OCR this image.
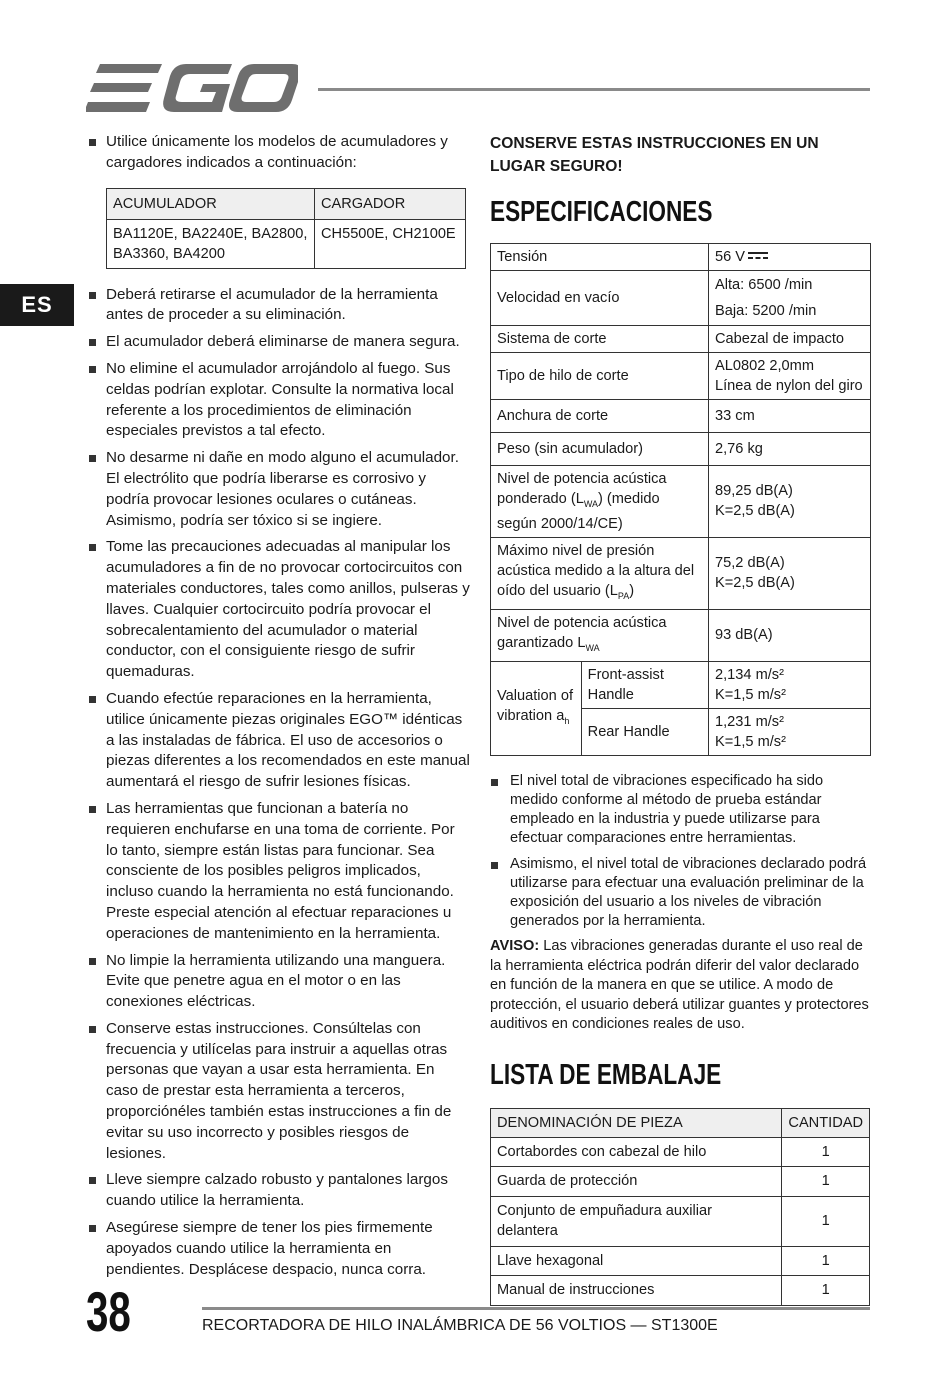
ES
Utilice únicamente los modelos de acumuladores y cargadores indicados a continuación:
ACUMULADOR	CARGADOR
BA1120E, BA2240E, BA2800, BA3360, BA4200	CH5500E, CH2100E
Deberá retirarse el acumulador de la herramienta antes de proceder a su eliminación.
El acumulador deberá eliminarse de manera segura.
No elimine el acumulador arrojándolo al fuego. Sus celdas podrían explotar. Consulte la normativa local referente a los procedimientos de eliminación especiales previstos a tal efecto.
No desarme ni dañe en modo alguno el acumulador. El electrólito que podría liberarse es corrosivo y podría provocar lesiones oculares o cutáneas. Asimismo, podría ser tóxico si se ingiere.
Tome las precauciones adecuadas al manipular los acumuladores a fin de no provocar cortocircuitos con materiales conductores, tales como anillos, pulseras y llaves. Cualquier cortocircuito podría provocar el sobrecalentamiento del acumulador o material conductor, con el consiguiente riesgo de sufrir quemaduras.
Cuando efectúe reparaciones en la herramienta, utilice únicamente piezas originales EGO™ idénticas a las instaladas de fábrica. El uso de accesorios o piezas diferentes a los recomendados en este manual aumentará el riesgo de sufrir lesiones físicas.
Las herramientas que funcionan a batería no requieren enchufarse en una toma de corriente. Por lo tanto, siempre están listas para funcionar. Sea consciente de los posibles peligros implicados, incluso cuando la herramienta no está funcionando. Preste especial atención al efectuar reparaciones u operaciones de mantenimiento en la herramienta.
No limpie la herramienta utilizando una manguera. Evite que penetre agua en el motor o en las conexiones eléctricas.
Conserve estas instrucciones. Consúltelas con frecuencia y utilícelas para instruir a aquellas otras personas que vayan a usar esta herramienta. En caso de prestar esta herramienta a terceros, proporciónéles también estas instrucciones a fin de evitar su uso incorrecto y posibles riesgos de lesiones.
Lleve siempre calzado robusto y pantalones largos cuando utilice la herramienta.
Asegúrese siempre de tener los pies firmemente apoyados cuando utilice la herramienta en pendientes. Desplácese despacio, nunca corra.

CONSERVE ESTAS INSTRUCCIONES EN UN LUGAR SEGURO!

ESPECIFICACIONES
Tensión		56 V
Velocidad en vacío		Alta: 6500 /min
		Baja: 5200 /min
Sistema de corte		Cabezal de impacto
Tipo de hilo de corte		AL0802 2,0mm
Línea de nylon del giro

Anchura de corte		33 cm
Peso (sin acumulador)		2,76 kg
Nivel de potencia acústica ponderado $(L_{WA})$ (medido según 2000/14/CE)		89,25 dB(A)
K=2,5 dB(A)

Máximo nivel de presión acústica medido a la altura del oído del usuario $(L_{PA})$		75,2 dB(A)
K=2,5 dB(A)

Nivel de potencia acústica garantizado $L_{WA}$		93 dB(A)
Valuation of vibration $a_h$	Front-assist Handle	2,134 m/s²
K=1,5 m/s²

	Rear Handle	1,231 m/s²
K=1,5 m/s²
El nivel total de vibraciones especificado ha sido medido conforme al método de prueba estándar empleado en la industria y puede utilizarse para efectuar comparaciones entre herramientas.
Asimismo, el nivel total de vibraciones declarado podrá utilizarse para efectuar una evaluación preliminar de la exposición del usuario a los niveles de vibración generados por la herramienta.

AVISO: Las vibraciones generadas durante el uso real de la herramienta eléctrica podrán diferir del valor declarado en función de la manera en que se utilice. A modo de protección, el usuario deberá utilizar guantes y protectores auditivos en condiciones reales de uso.

LISTA DE EMBALAJE
DENOMINACIÓN DE PIEZA	CANTIDAD
Cortabordes con cabezal de hilo	1
Guarda de protección	1
Conjunto de empuñadura auxiliar delantera	1
Llave hexagonal	1
Manual de instrucciones	1
38	RECORTADORA DE HILO INALÁMBRICA DE 56 VOLTIOS — ST1300E
